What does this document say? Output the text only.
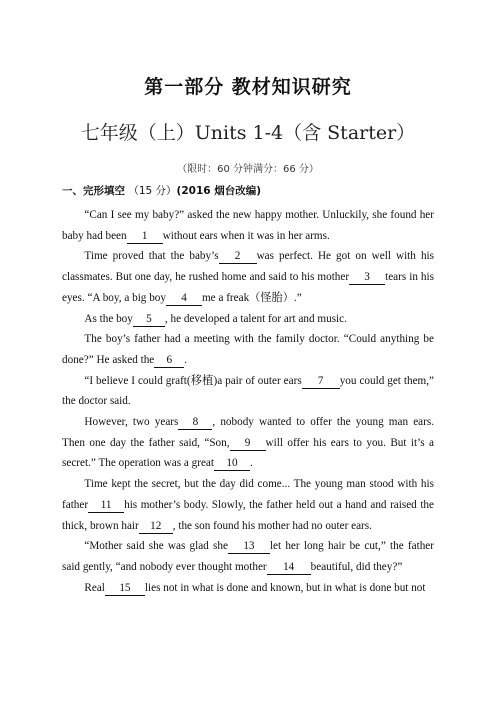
第一部分 教材知识研究
七年级（上）Units 1-4（含 Starter）
（限时：60 分钟满分：66 分）
一、完形填空 （15 分）(2016 烟台改编)

“Can I see my baby?” asked the new happy mother. Unluckily, she found her baby had been 1 without ears when it was in her arms.

Time proved that the baby’s 2 was perfect. He got on well with his classmates. But one day, he rushed home and said to his mother 3 tears in his eyes. “A boy, a big boy 4 me a freak（怪胎）.”

As the boy 5 , he developed a talent for art and music.

The boy’s father had a meeting with the family doctor. “Could anything be done?” He asked the 6 .

“I believe I could graft(移植)a pair of outer ears 7 you could get them,” the doctor said.

However, two years 8 , nobody wanted to offer the young man ears. Then one day the father said, “Son, 9 will offer his ears to you. But it’s a secret.” The operation was a great 10 .

Time kept the secret, but the day did come... The young man stood with his father 11 his mother’s body. Slowly, the father held out a hand and raised the thick, brown hair 12 , the son found his mother had no outer ears.

“Mother said she was glad she 13 let her long hair be cut,” the father said gently, “and nobody ever thought mother 14 beautiful, did they?”

Real 15 lies not in what is done and known, but in what is done but not
